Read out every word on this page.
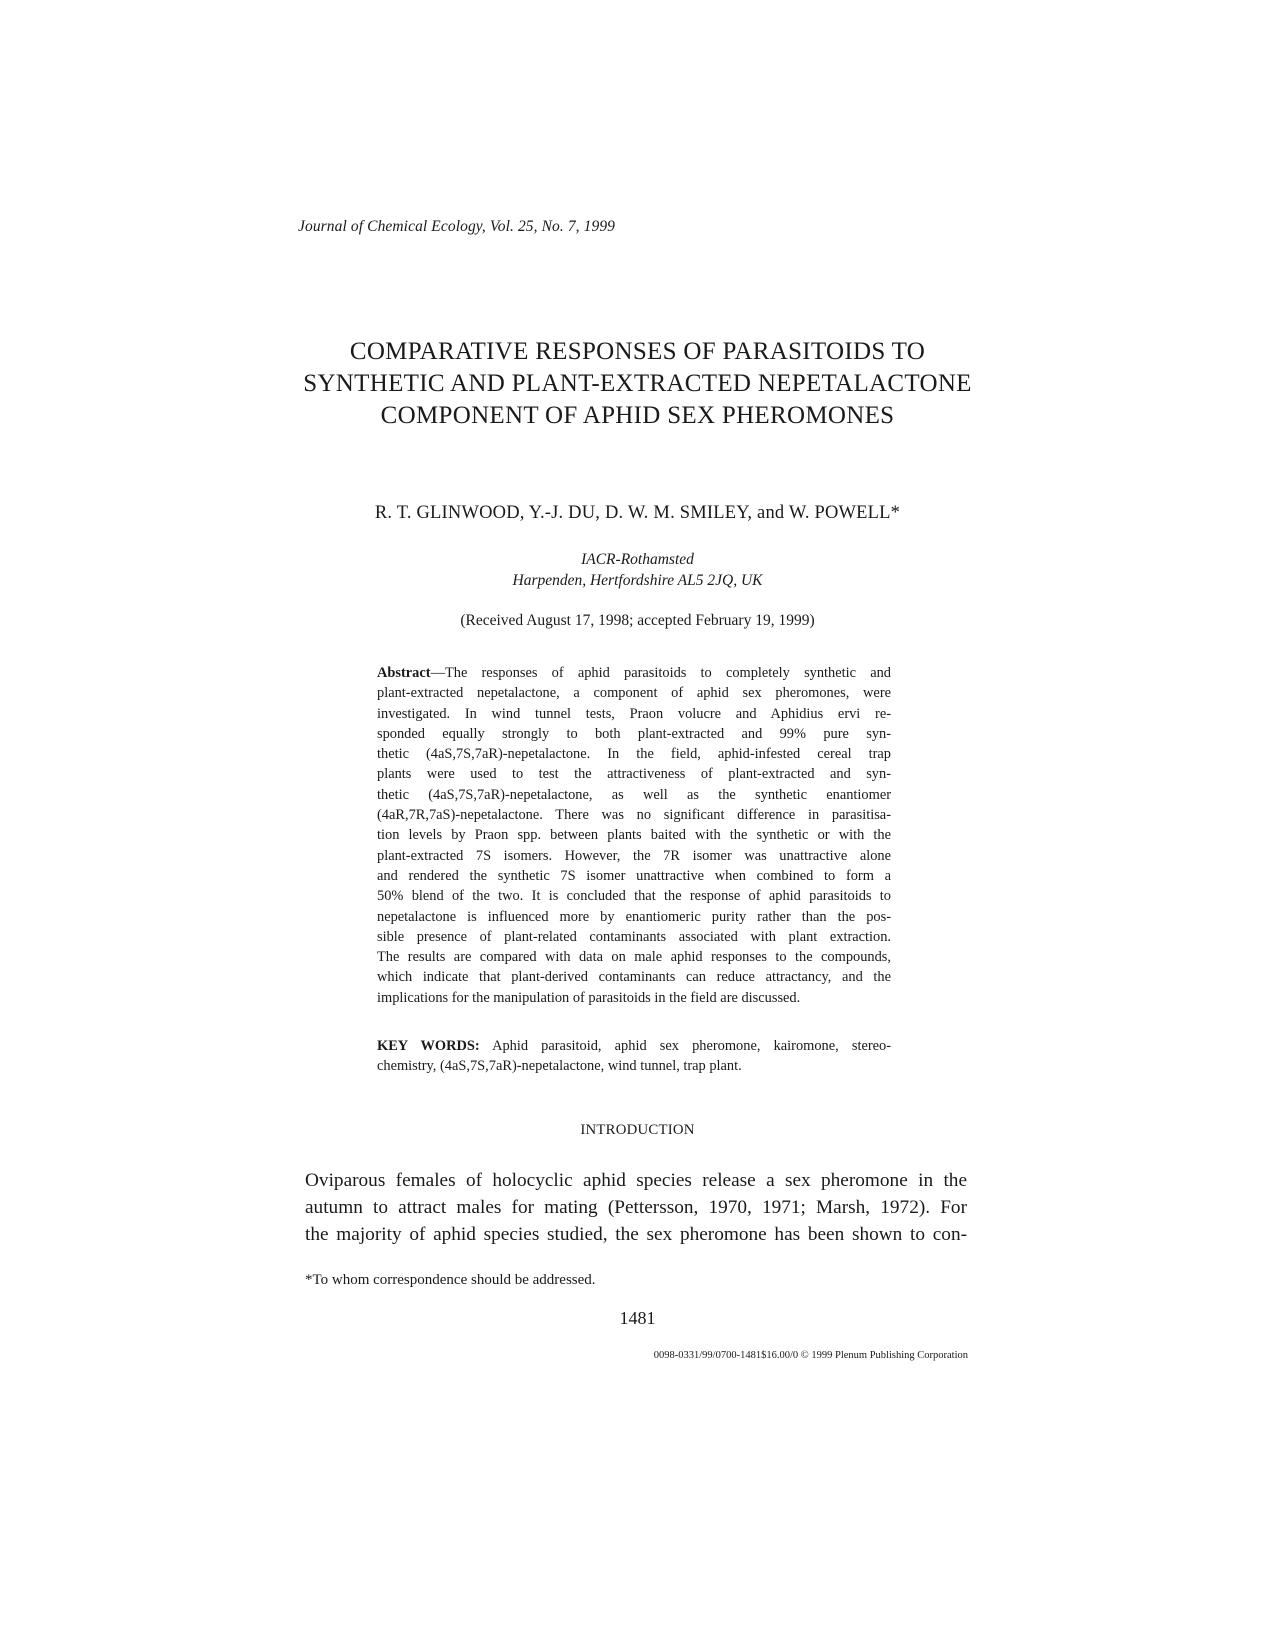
Journal of Chemical Ecology, Vol. 25, No. 7, 1999
COMPARATIVE RESPONSES OF PARASITOIDS TO
SYNTHETIC AND PLANT-EXTRACTED NEPETALACTONE
COMPONENT OF APHID SEX PHEROMONES
R. T. GLINWOOD, Y.-J. DU, D. W. M. SMILEY, and W. POWELL*
IACR-Rothamsted
Harpenden, Hertfordshire AL5 2JQ, UK
(Received August 17, 1998; accepted February 19, 1999)
Abstract—The responses of aphid parasitoids to completely synthetic and
plant-extracted nepetalactone, a component of aphid sex pheromones, were
investigated. In wind tunnel tests, Praon volucre and Aphidius ervi re-
sponded equally strongly to both plant-extracted and 99% pure syn-
thetic (4aS,7S,7aR)-nepetalactone. In the field, aphid-infested cereal trap
plants were used to test the attractiveness of plant-extracted and syn-
thetic (4aS,7S,7aR)-nepetalactone, as well as the synthetic enantiomer
(4aR,7R,7aS)-nepetalactone. There was no significant difference in parasitisa-
tion levels by Praon spp. between plants baited with the synthetic or with the
plant-extracted 7S isomers. However, the 7R isomer was unattractive alone
and rendered the synthetic 7S isomer unattractive when combined to form a
50% blend of the two. It is concluded that the response of aphid parasitoids to
nepetalactone is influenced more by enantiomeric purity rather than the pos-
sible presence of plant-related contaminants associated with plant extraction.
The results are compared with data on male aphid responses to the compounds,
which indicate that plant-derived contaminants can reduce attractancy, and the
implications for the manipulation of parasitoids in the field are discussed.
KEY WORDS: Aphid parasitoid, aphid sex pheromone, kairomone, stereo-
chemistry, (4aS,7S,7aR)-nepetalactone, wind tunnel, trap plant.
INTRODUCTION
Oviparous females of holocyclic aphid species release a sex pheromone in the
autumn to attract males for mating (Pettersson, 1970, 1971; Marsh, 1972). For
the majority of aphid species studied, the sex pheromone has been shown to con-
*To whom correspondence should be addressed.
1481
0098-0331/99/0700-1481$16.00/0 © 1999 Plenum Publishing Corporation
